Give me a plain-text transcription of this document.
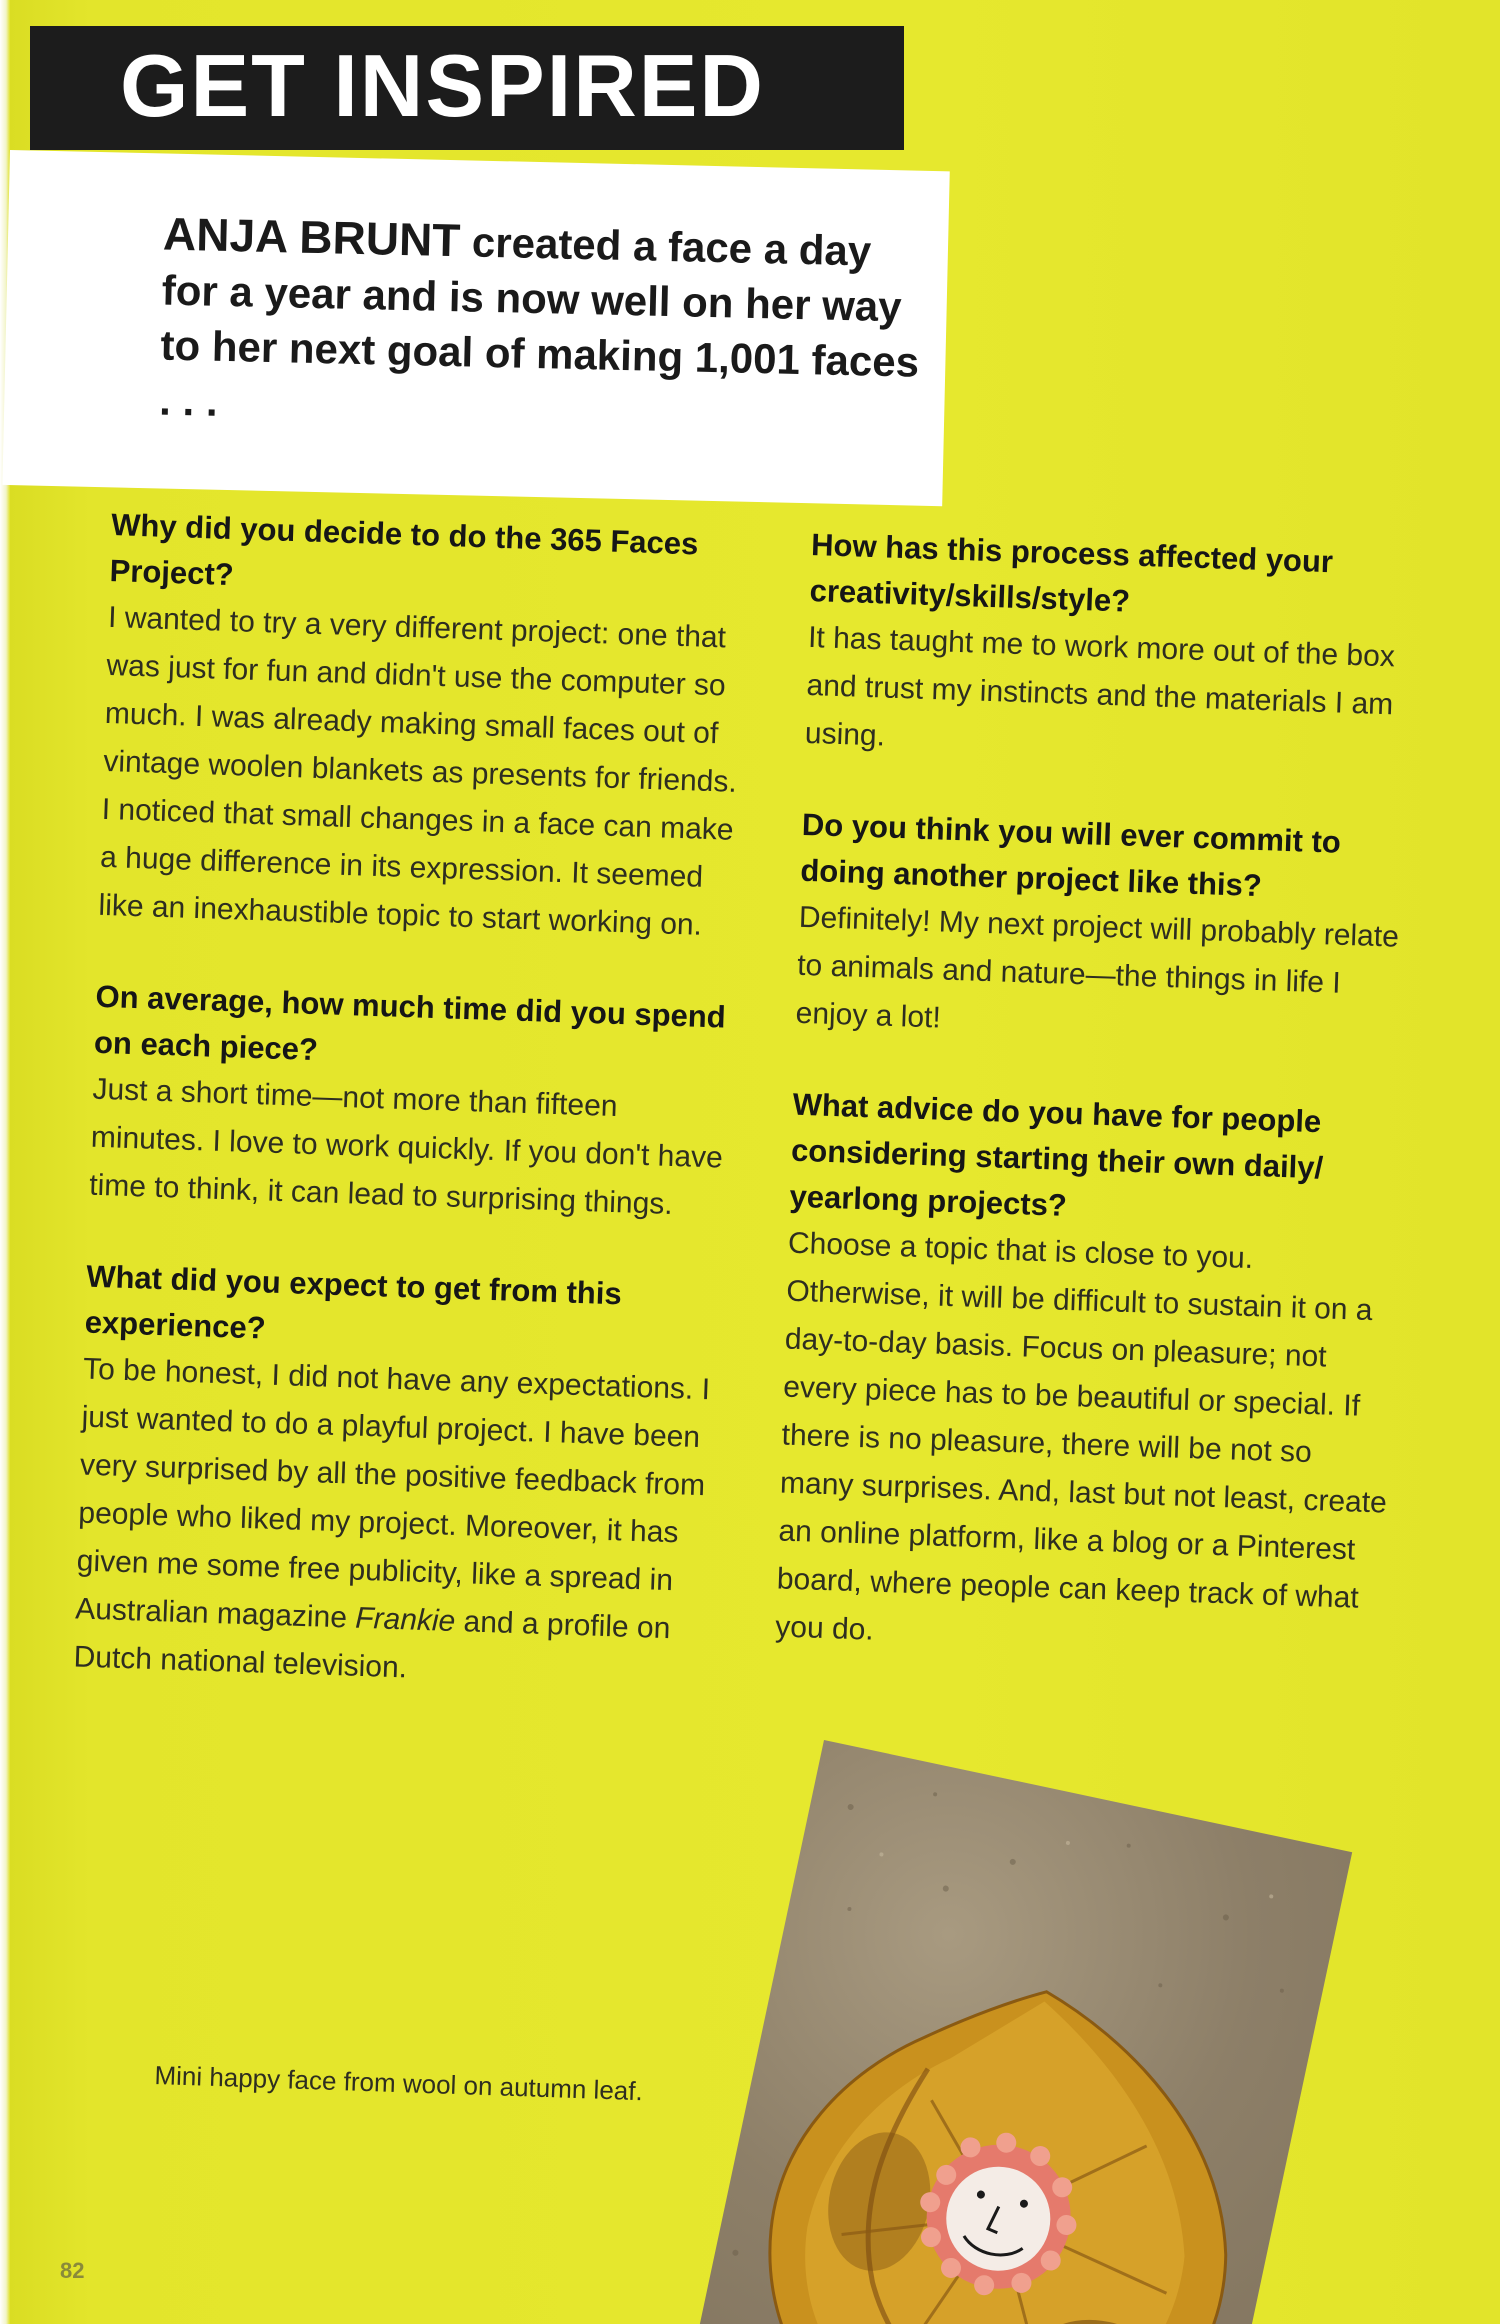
GET INSPIRED

ANJA BRUNT created a face a day for a year and is now well on her way to her next goal of making 1,001 faces . . .

Why did you decide to do the 365 Faces Project?

I wanted to try a very different project: one that was just for fun and didn't use the computer so much. I was already making small faces out of vintage woolen blankets as presents for friends. I noticed that small changes in a face can make a huge difference in its expression. It seemed like an inexhaustible topic to start working on.

On average, how much time did you spend on each piece?

Just a short time—not more than fifteen minutes. I love to work quickly. If you don't have time to think, it can lead to surprising things.

What did you expect to get from this experience?

To be honest, I did not have any expectations. I just wanted to do a playful project. I have been very surprised by all the positive feedback from people who liked my project. Moreover, it has given me some free publicity, like a spread in Australian magazine Frankie and a profile on Dutch national television.

How has this process affected your creativity/skills/style?

It has taught me to work more out of the box and trust my instincts and the materials I am using.

Do you think you will ever commit to doing another project like this?

Definitely! My next project will probably relate to animals and nature—the things in life I enjoy a lot!

What advice do you have for people considering starting their own daily/ yearlong projects?

Choose a topic that is close to you. Otherwise, it will be difficult to sustain it on a day-to-day basis. Focus on pleasure; not every piece has to be beautiful or special. If there is no pleasure, there will be not so many surprises. And, last but not least, create an online platform, like a blog or a Pinterest board, where people can keep track of what you do.

Mini happy face from wool on autumn leaf.
82
